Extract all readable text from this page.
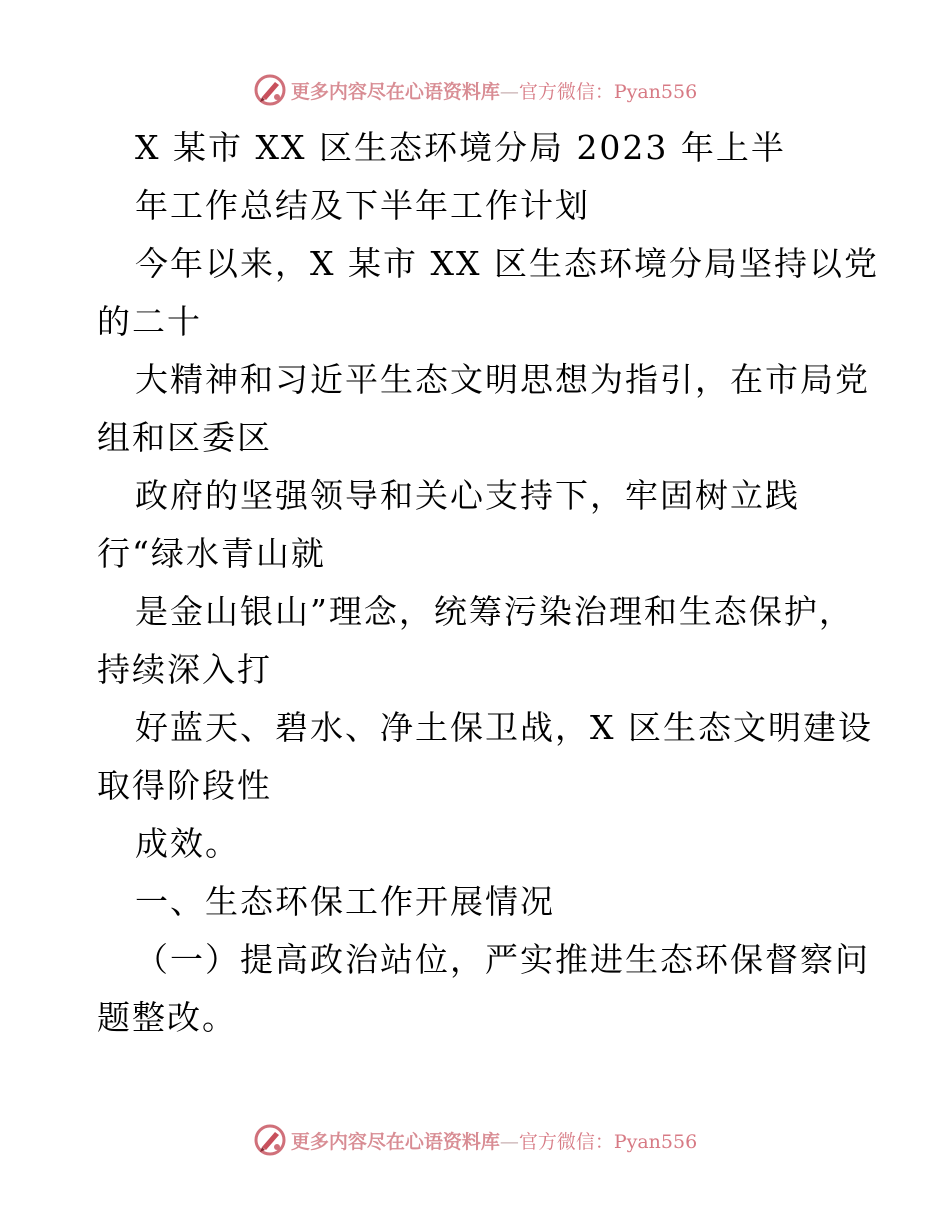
更多内容尽在心语资料库—官方微信：Pyan556
X 某市 XX 区生态环境分局 2023 年上半
年工作总结及下半年工作计划
今年以来，X 某市 XX 区生态环境分局坚持以党
的二十
大精神和习近平生态文明思想为指引，在市局党
组和区委区
政府的坚强领导和关心支持下，牢固树立践
行“绿水青山就
是金山银山”理念，统筹污染治理和生态保护，
持续深入打
好蓝天、碧水、净土保卫战，X 区生态文明建设
取得阶段性
成效。
一、生态环保工作开展情况
（一）提高政治站位，严实推进生态环保督察问
题整改。
更多内容尽在心语资料库—官方微信：Pyan556
